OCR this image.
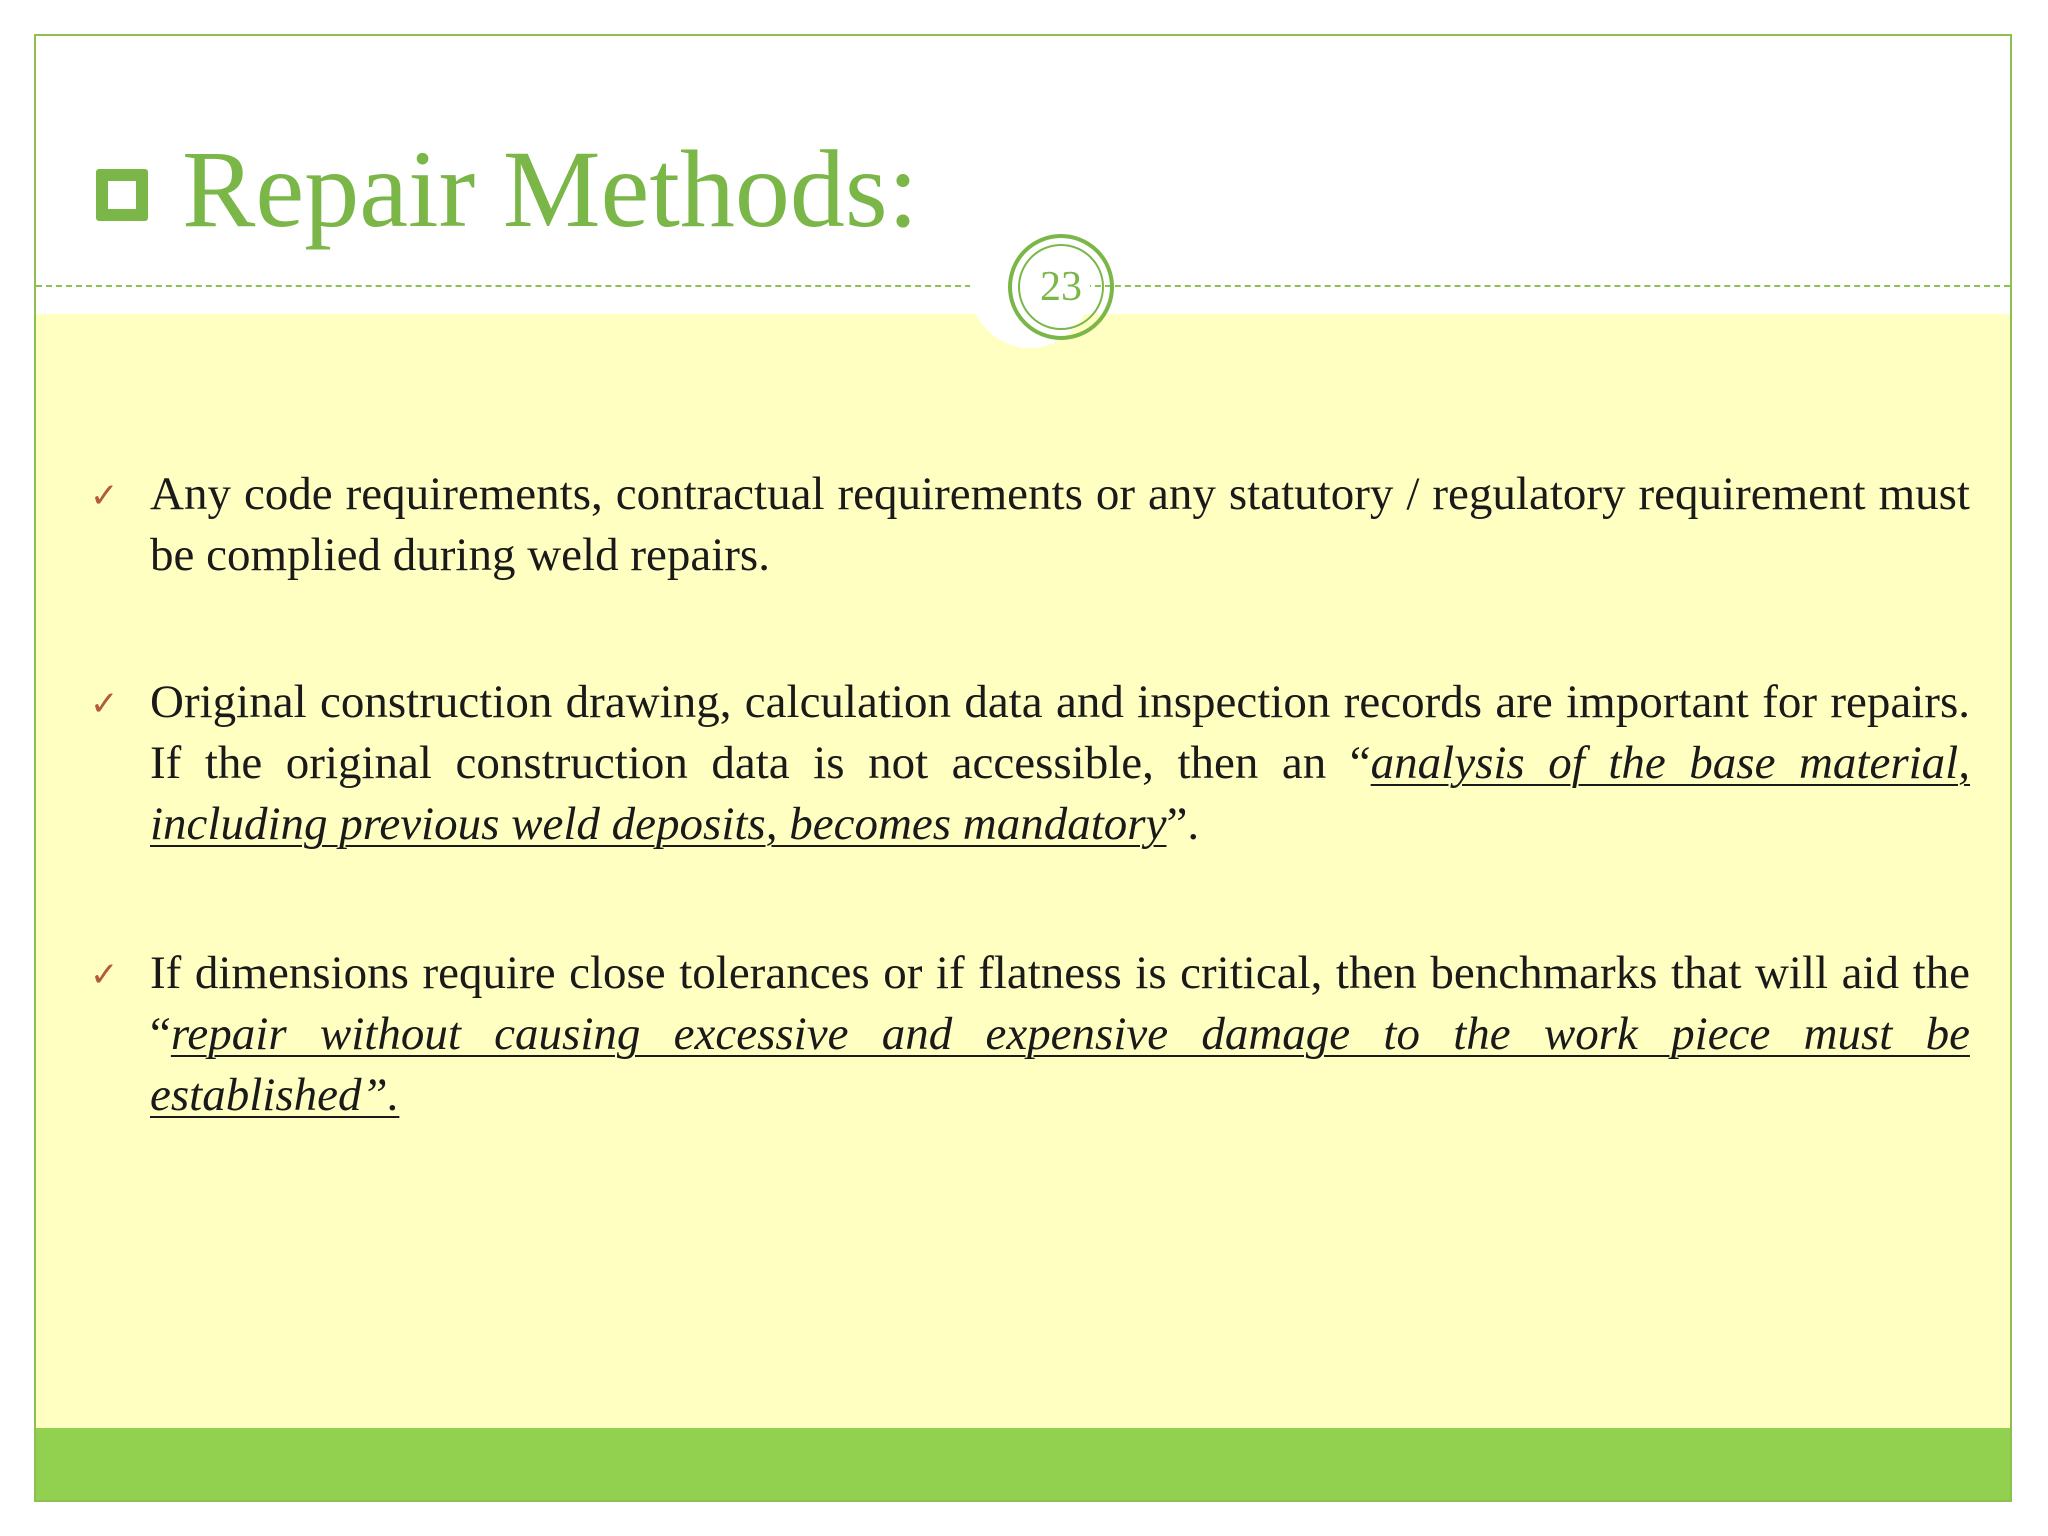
Repair Methods:
23
✓ Any code requirements, contractual requirements or any statutory / regulatory requirement must be complied during weld repairs.
✓ Original construction drawing, calculation data and inspection records are important for repairs. If the original construction data is not accessible, then an “analysis of the base material, including previous weld deposits, becomes mandatory”.
✓ If dimensions require close tolerances or if flatness is critical, then benchmarks that will aid the “repair without causing excessive and expensive damage to the work piece must be established”.
